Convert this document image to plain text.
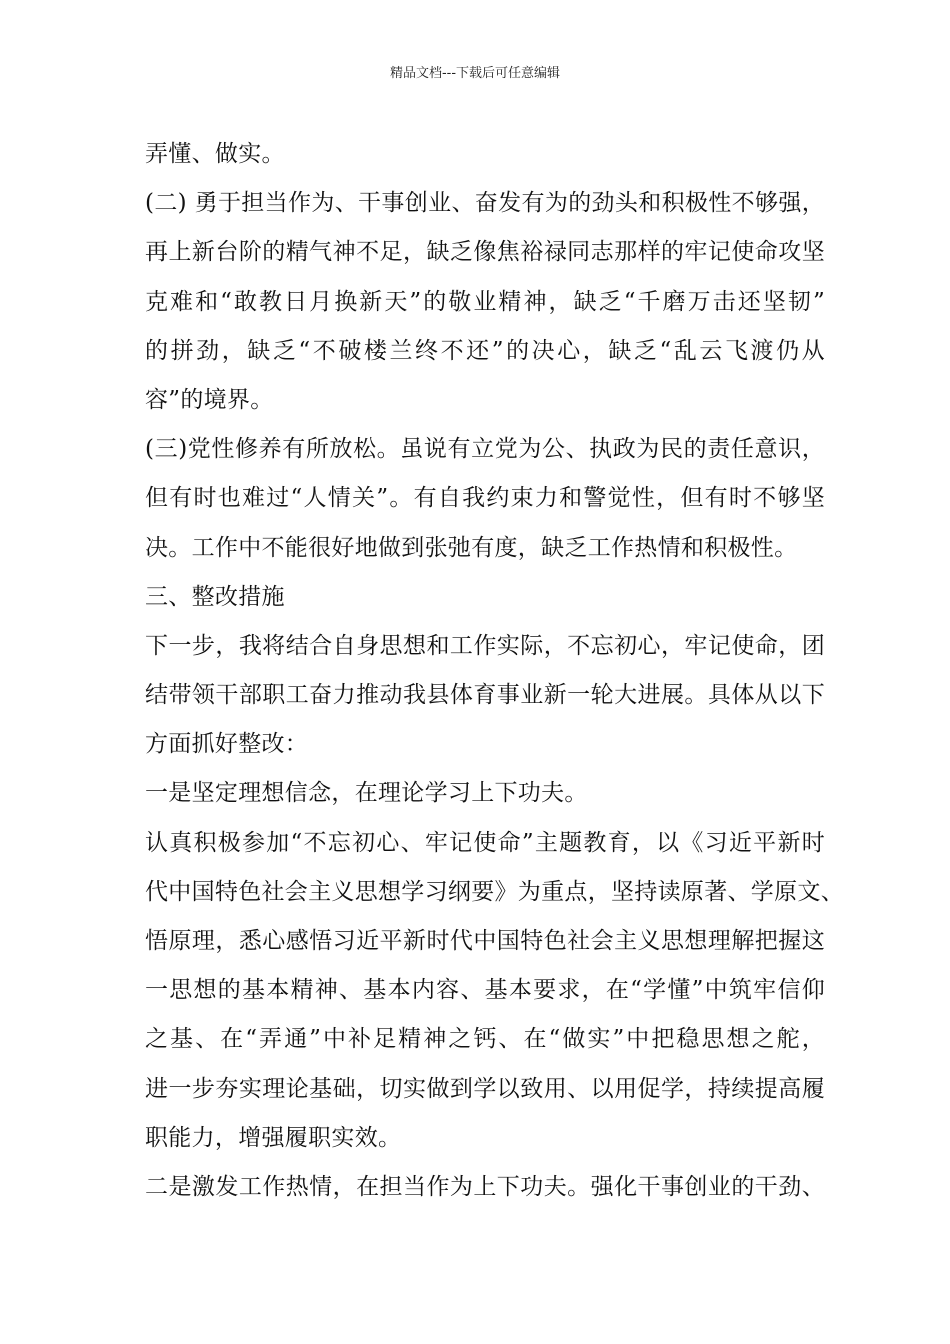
精品文档---下载后可任意编辑
弄懂、做实。
(二) 勇于担当作为、干事创业、奋发有为的劲头和积极性不够强，
再上新台阶的精气神不足，缺乏像焦裕禄同志那样的牢记使命攻坚
克难和“敢教日月换新天”的敬业精神，缺乏“千磨万击还坚韧”
的拼劲，缺乏“不破楼兰终不还”的决心，缺乏“乱云飞渡仍从
容”的境界。
(三)党性修养有所放松。虽说有立党为公、执政为民的责任意识，
但有时也难过“人情关”。有自我约束力和警觉性，但有时不够坚
决。工作中不能很好地做到张弛有度，缺乏工作热情和积极性。
三、整改措施
下一步，我将结合自身思想和工作实际，不忘初心，牢记使命，团
结带领干部职工奋力推动我县体育事业新一轮大进展。具体从以下
方面抓好整改：
一是坚定理想信念，在理论学习上下功夫。
认真积极参加“不忘初心、牢记使命”主题教育，以《习近平新时
代中国特色社会主义思想学习纲要》为重点，坚持读原著、学原文、
悟原理，悉心感悟习近平新时代中国特色社会主义思想理解把握这
一思想的基本精神、基本内容、基本要求，在“学懂”中筑牢信仰
之基、在“弄通”中补足精神之钙、在“做实”中把稳思想之舵，
进一步夯实理论基础，切实做到学以致用、以用促学，持续提高履
职能力，增强履职实效。
二是激发工作热情，在担当作为上下功夫。强化干事创业的干劲、
